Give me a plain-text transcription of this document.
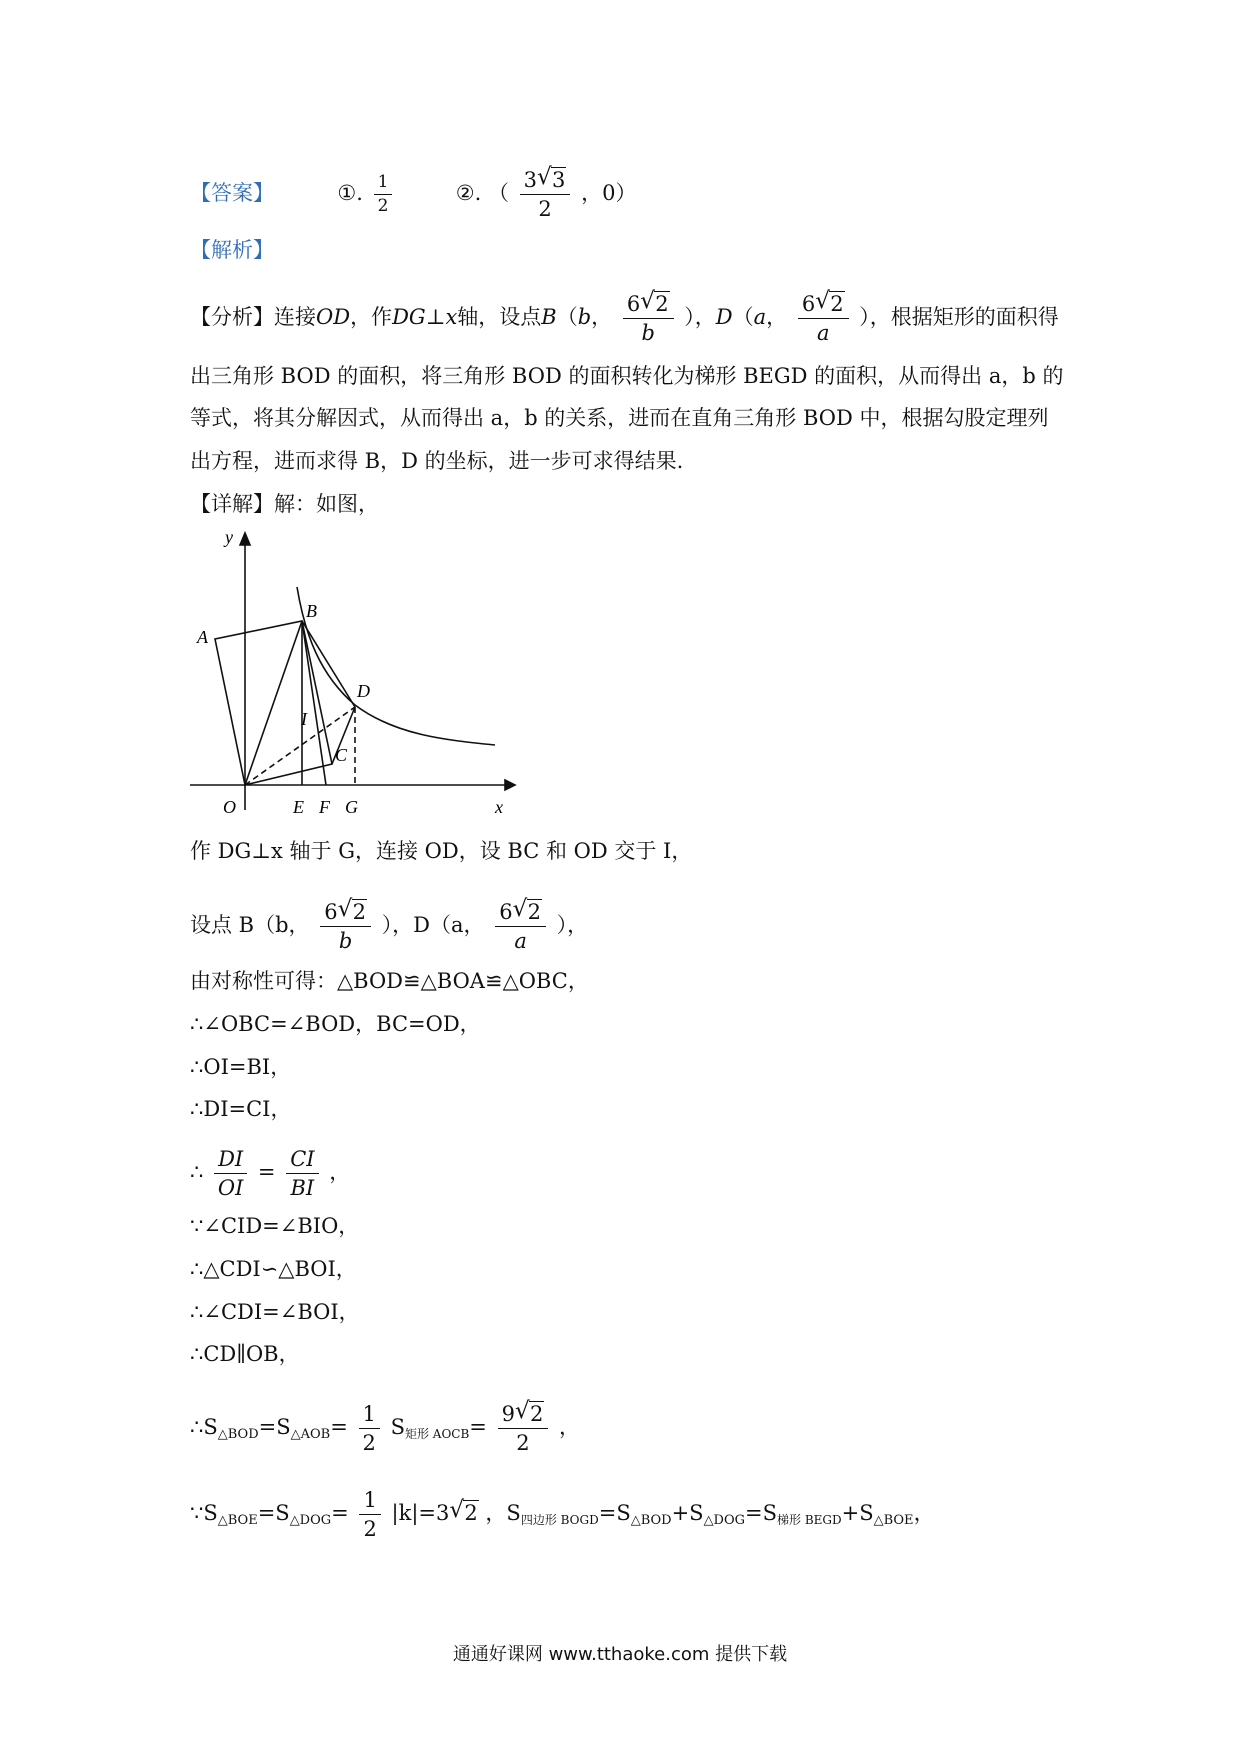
【答案】	①. $\frac{1}{2}$	②. （ $\frac{3 √ 3}{2}$ ，0）
【解析】
【分析】连接OD，作DG⊥x轴，设点B（b， $\frac{6 √ 2}{b}$ ），D（a， $\frac{6 √ 2}{a}$ ），根据矩形的面积得
出三角形 BOD 的面积，将三角形 BOD 的面积转化为梯形 BEGD 的面积，从而得出 a，b 的
等式，将其分解因式，从而得出 a，b 的关系，进而在直角三角形 BOD 中，根据勾股定理列
出方程，进而求得 B，D 的坐标，进一步可求得结果.
【详解】解：如图，
y
x
O
A
B
C
D
E F G
I
作 DG⊥x 轴于 G，连接 OD，设 BC 和 OD 交于 I，
设点 B（b， $\frac{6 √ 2}{b}$ ），D（a， $\frac{6 √ 2}{a}$ ），
由对称性可得：△BOD≌△BOA≌△OBC，
∴∠OBC=∠BOD，BC=OD，
∴OI=BI，
∴DI=CI，
∴ $\frac{DI}{OI} = \frac{CI}{BI}$ ，
∵∠CID=∠BIO，
∴△CDI∽△BOI，
∴∠CDI=∠BOI，
∴CD∥OB，
$\therefore S_{\triangle BOD}=S_{\triangle AOB}= \frac{1}{2}$ S矩形 AOCB= $\frac{9 √ 2}{2}$ ，
$\because S_{\triangle BOE}=S_{\triangle DOG}= \frac{1}{2} |k|=3$ √ 2 ，S四边形 $BOGD=S_{\triangle BOD}+S_{\triangle DOG}=S$梯形 $BEGD+S_{\triangle BOE}$，
通通好课网 www.tthaoke.com 提供下载
